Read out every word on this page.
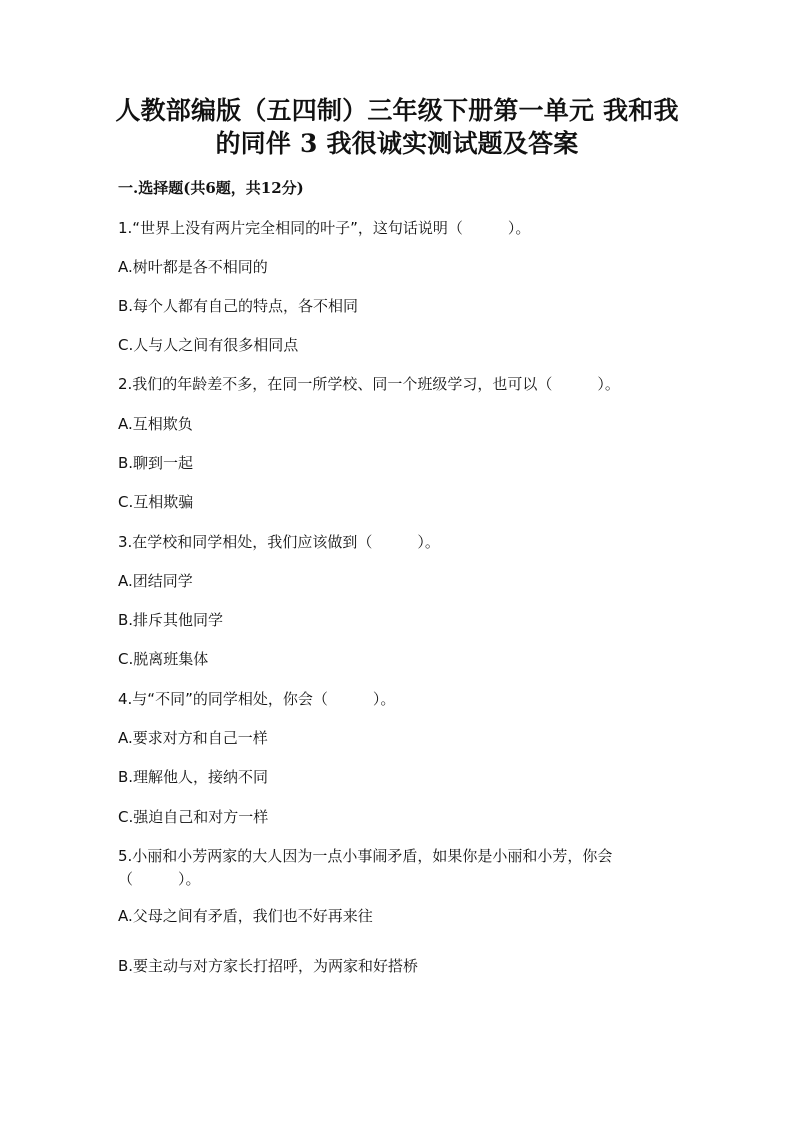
人教部编版（五四制）三年级下册第一单元 我和我
的同伴 3 我很诚实测试题及答案

一.选择题(共6题，共12分)

1.“世界上没有两片完全相同的叶子”，这句话说明（　　　）。

A.树叶都是各不相同的

B.每个人都有自己的特点，各不相同

C.人与人之间有很多相同点

2.我们的年龄差不多，在同一所学校、同一个班级学习，也可以（　　　）。

A.互相欺负

B.聊到一起

C.互相欺骗

3.在学校和同学相处，我们应该做到（　　　）。

A.团结同学

B.排斥其他同学

C.脱离班集体

4.与“不同”的同学相处，你会（　　　）。

A.要求对方和自己一样

B.理解他人，接纳不同

C.强迫自己和对方一样

5.小丽和小芳两家的大人因为一点小事闹矛盾，如果你是小丽和小芳，你会

（　　　）。

A.父母之间有矛盾，我们也不好再来往

B.要主动与对方家长打招呼，为两家和好搭桥
